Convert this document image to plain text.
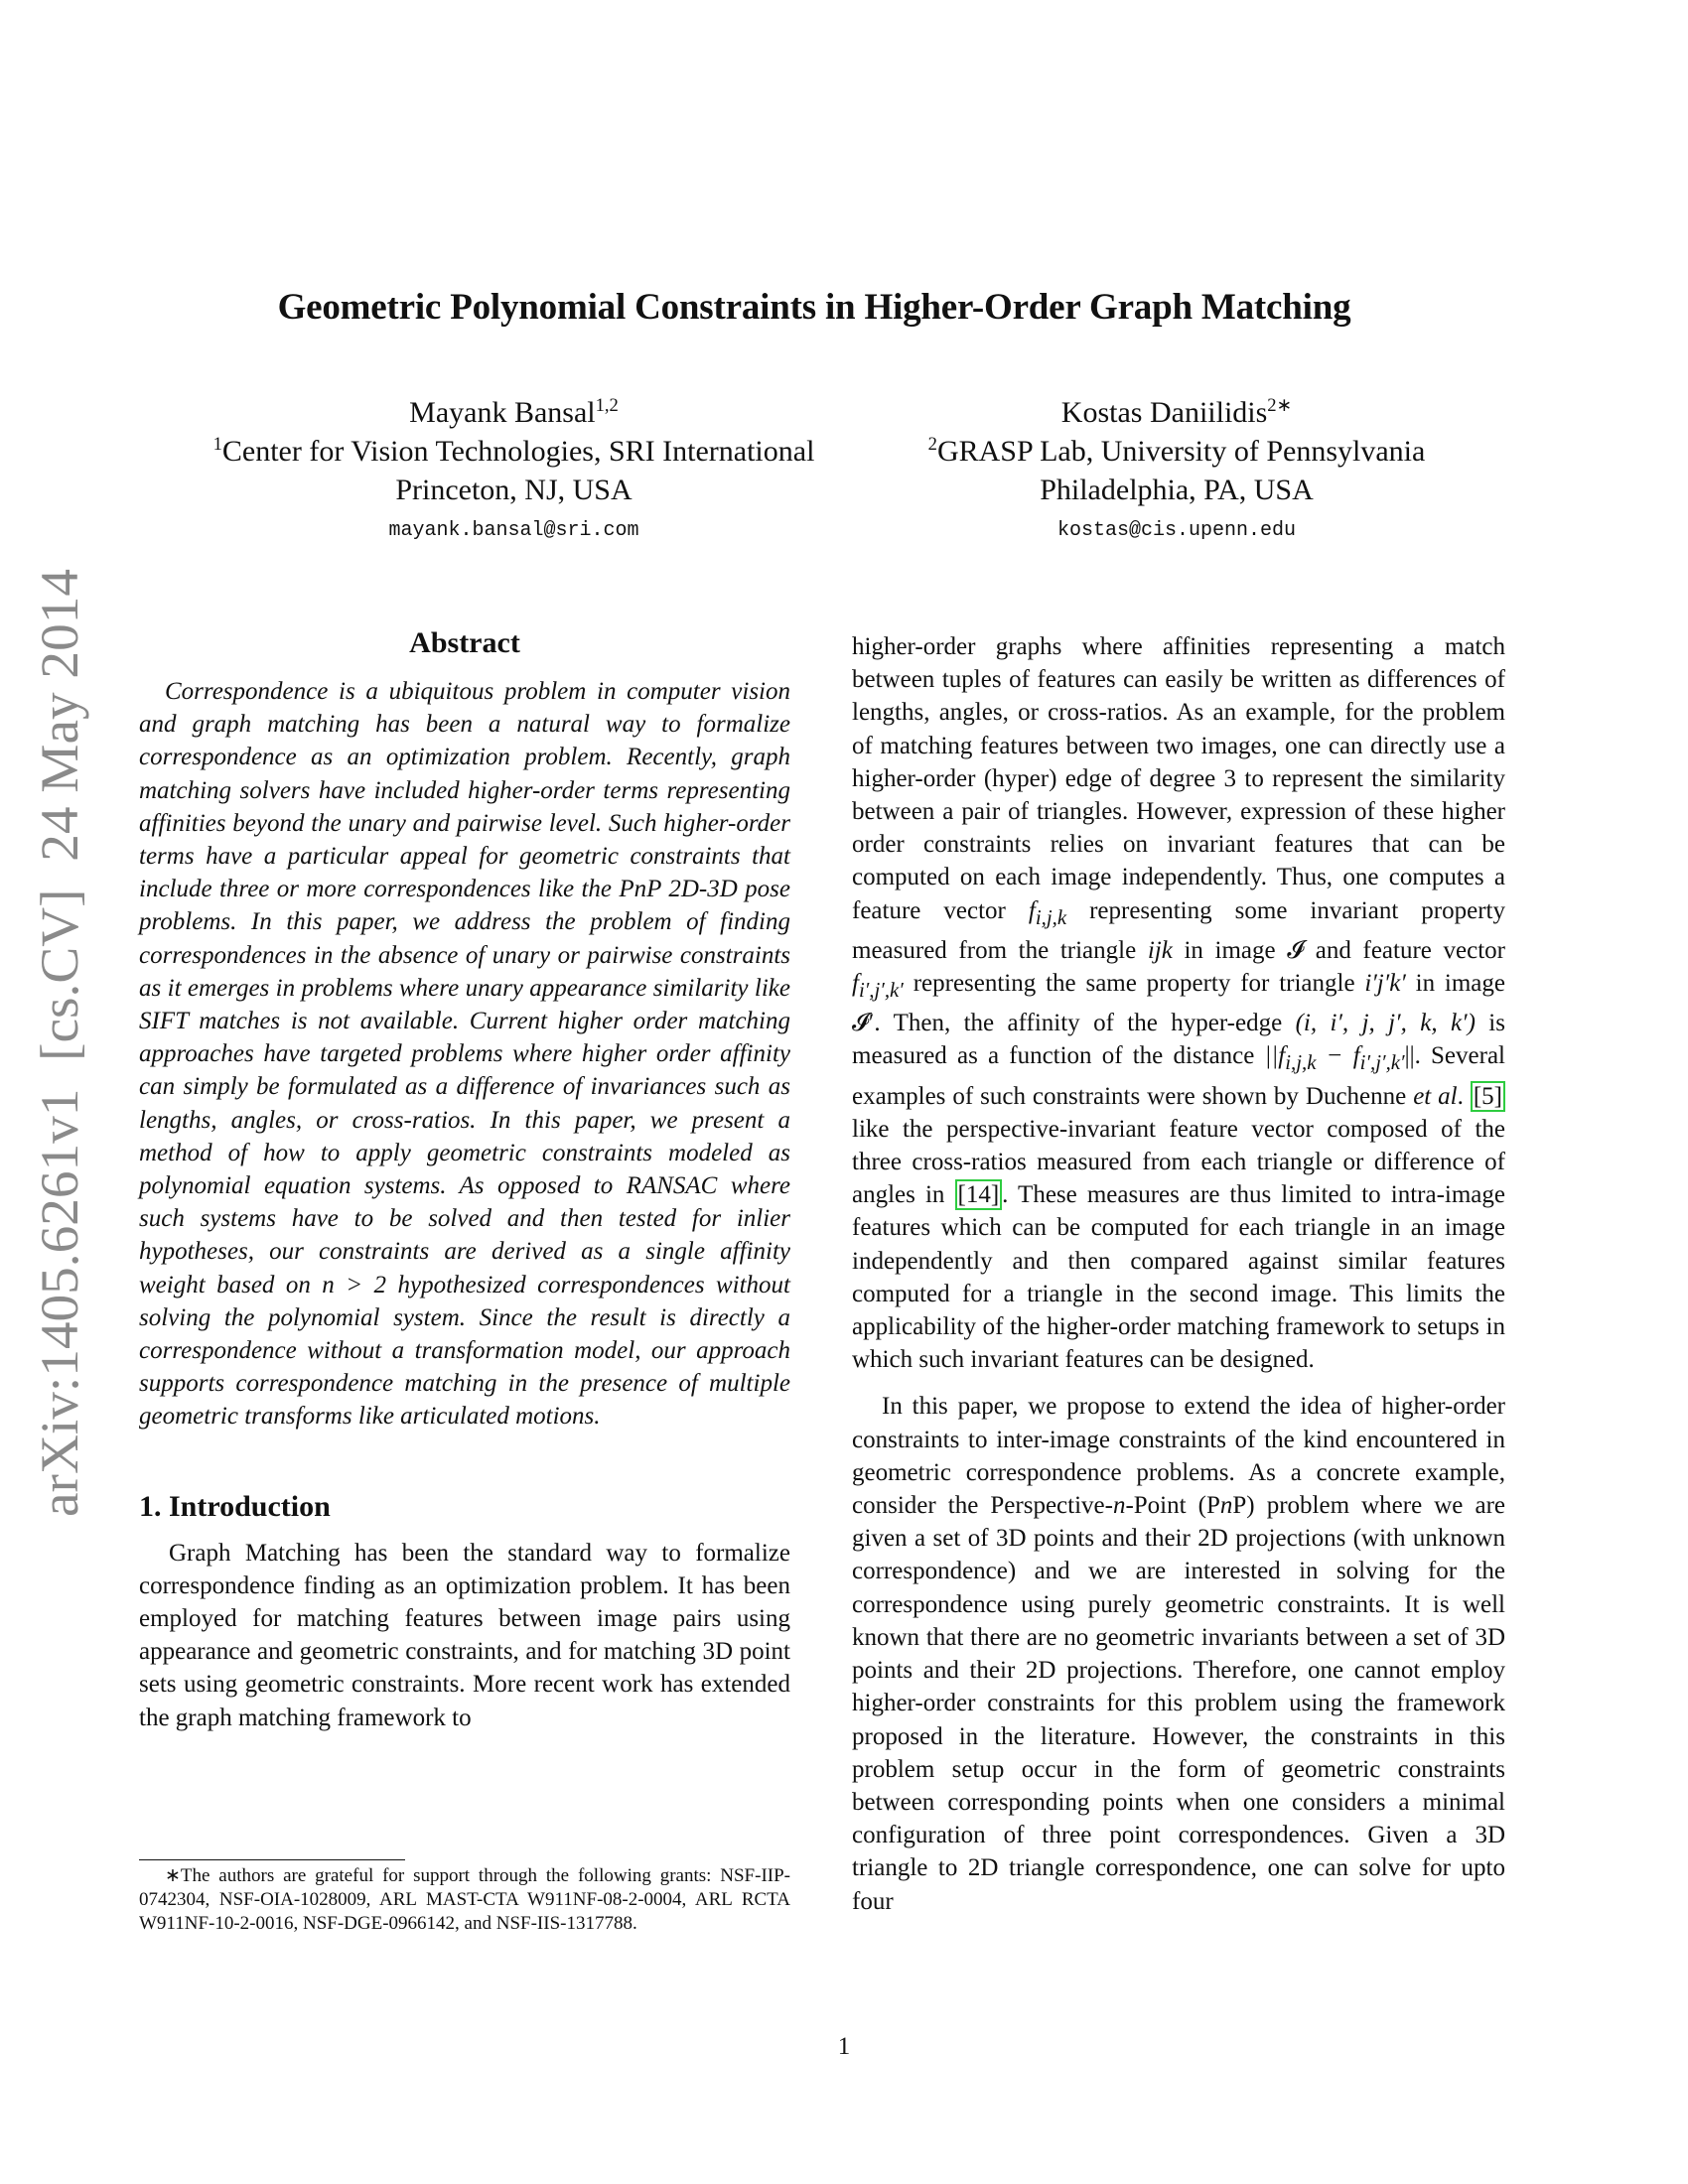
arXiv:1405.6261v1  [cs.CV]  24 May 2014
Geometric Polynomial Constraints in Higher-Order Graph Matching
Mayank Bansal$^{1,2}$
$^1$Center for Vision Technologies, SRI International
Princeton, NJ, USA
mayank.bansal@sri.com
Kostas Daniilidis$^{2∗}$
$^2$GRASP Lab, University of Pennsylvania
Philadelphia, PA, USA
kostas@cis.upenn.edu
Abstract

Correspondence is a ubiquitous problem in computer vision and graph matching has been a natural way to formalize correspondence as an optimization problem. Recently, graph matching solvers have included higher-order terms representing affinities beyond the unary and pairwise level. Such higher-order terms have a particular appeal for geometric constraints that include three or more correspondences like the PnP 2D-3D pose problems. In this paper, we address the problem of finding correspondences in the absence of unary or pairwise constraints as it emerges in problems where unary appearance similarity like SIFT matches is not available. Current higher order matching approaches have targeted problems where higher order affinity can simply be formulated as a difference of invariances such as lengths, angles, or cross-ratios. In this paper, we present a method of how to apply geometric constraints modeled as polynomial equation systems. As opposed to RANSAC where such systems have to be solved and then tested for inlier hypotheses, our constraints are derived as a single affinity weight based on n > 2 hypothesized correspondences without solving the polynomial system. Since the result is directly a correspondence without a transformation model, our approach supports correspondence matching in the presence of multiple geometric transforms like articulated motions.

1. Introduction

Graph Matching has been the standard way to formalize correspondence finding as an optimization problem. It has been employed for matching features between image pairs using appearance and geometric constraints, and for matching 3D point sets using geometric constraints. More recent work has extended the graph matching framework to

higher-order graphs where affinities representing a match between tuples of features can easily be written as differences of lengths, angles, or cross-ratios. As an example, for the problem of matching features between two images, one can directly use a higher-order (hyper) edge of degree 3 to represent the similarity between a pair of triangles. However, expression of these higher order constraints relies on invariant features that can be computed on each image independently. Thus, one computes a feature vector $f_{i,j,k}$ representing some invariant property measured from the triangle ijk in image 𝓘 and feature vector $f_{i',j',k'}$ representing the same property for triangle i′j′k′ in image 𝓘′. Then, the affinity of the hyper-edge (i, i′, j, j′, k, k′) is measured as a function of the distance $||f_{i,j,k} - f_{i',j',k'}||$. Several examples of such constraints were shown by Duchenne et al. [5] like the perspective-invariant feature vector composed of the three cross-ratios measured from each triangle or difference of angles in [14] . These measures are thus limited to intra-image features which can be computed for each triangle in an image independently and then compared against similar features computed for a triangle in the second image. This limits the applicability of the higher-order matching framework to setups in which such invariant features can be designed.

In this paper, we propose to extend the idea of higher-order constraints to inter-image constraints of the kind encountered in geometric correspondence problems. As a concrete example, consider the Perspective-n-Point (PnP) problem where we are given a set of 3D points and their 2D projections (with unknown correspondence) and we are interested in solving for the correspondence using purely geometric constraints. It is well known that there are no geometric invariants between a set of 3D points and their 2D projections. Therefore, one cannot employ higher-order constraints for this problem using the framework proposed in the literature. However, the constraints in this problem setup occur in the form of geometric constraints between corresponding points when one considers a minimal configuration of three point correspondences. Given a 3D triangle to 2D triangle correspondence, one can solve for upto four

∗The authors are grateful for support through the following grants: NSF-IIP-0742304, NSF-OIA-1028009, ARL MAST-CTA W911NF-08-2-0004, ARL RCTA W911NF-10-2-0016, NSF-DGE-0966142, and NSF-IIS-1317788.
1
